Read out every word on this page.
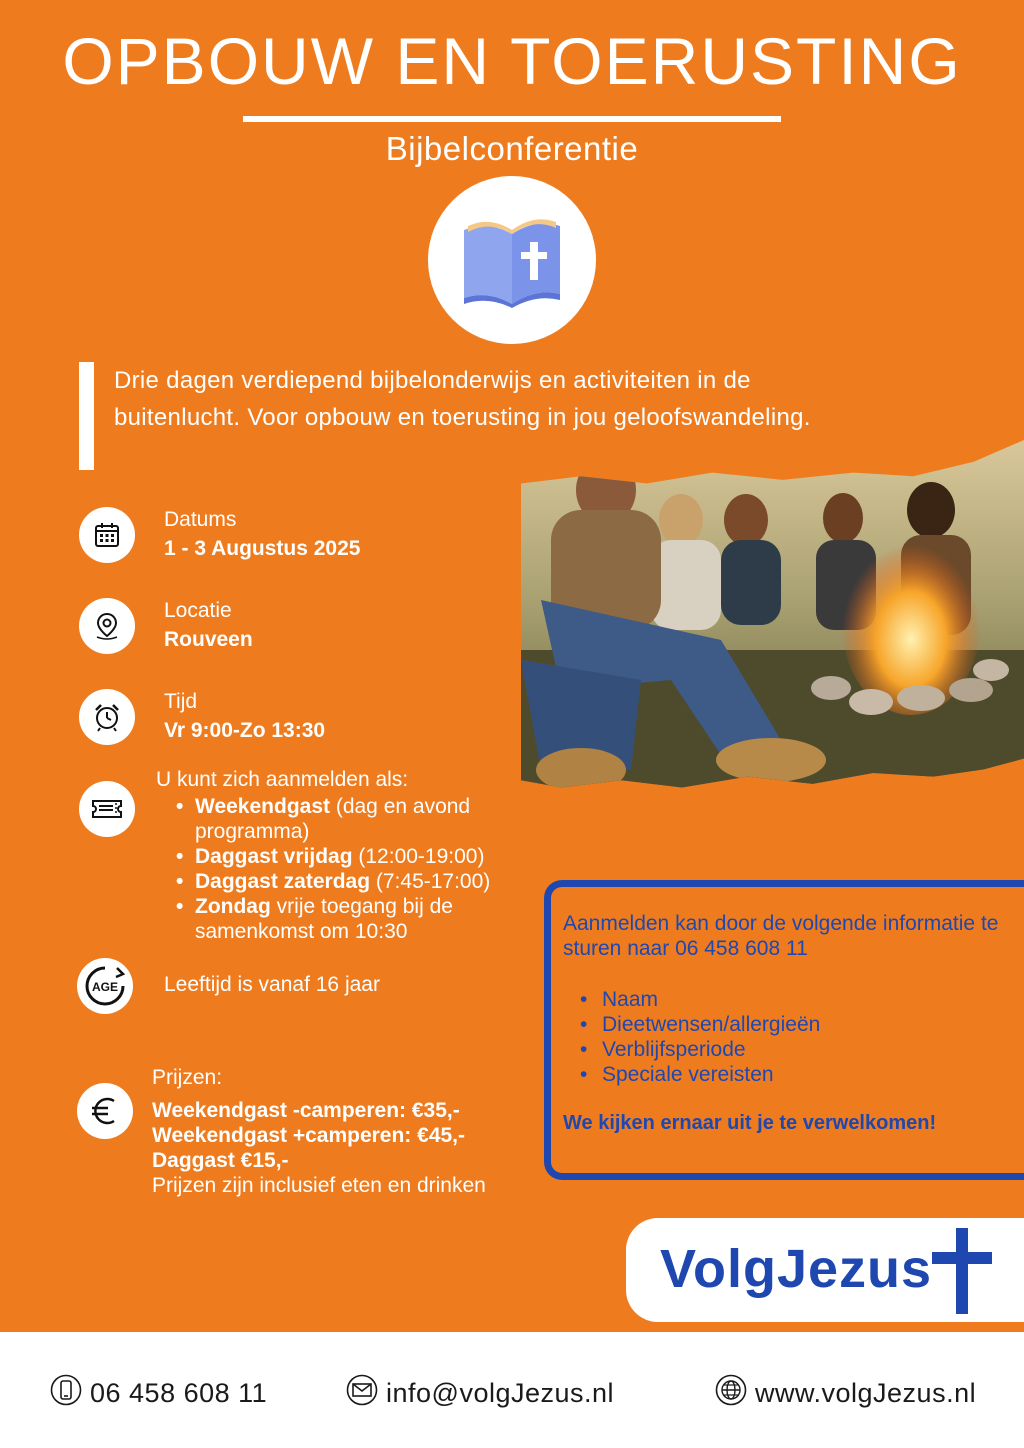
OPBOUW EN TOERUSTING
Bijbelconferentie
Drie dagen verdiepend bijbelonderwijs en activiteiten in de buitenlucht. Voor opbouw en toerusting in jou geloofswandeling.
Datums
1 - 3 Augustus 2025
Locatie
Rouveen
Tijd
Vr 9:00-Zo 13:30
U kunt zich aanmelden als:
• Weekendgast (dag en avond programma)
• Daggast vrijdag (12:00-19:00)
• Daggast zaterdag (7:45-17:00)
• Zondag vrije toegang bij de samenkomst om 10:30
AGE Leeftijd is vanaf 16 jaar
Prijzen:
Weekendgast -camperen: €35,-
Weekendgast +camperen: €45,-
Daggast €15,-
Prijzen zijn inclusief eten en drinken
Aanmelden kan door de volgende informatie te sturen naar 06 458 608 11
• Naam
• Dieetwensen/allergieën
• Verblijfsperiode
• Speciale vereisten
We kijken ernaar uit je te verwelkomen!
VolgJezus
06 458 608 11	info@volgJezus.nl	www.volgJezus.nl
